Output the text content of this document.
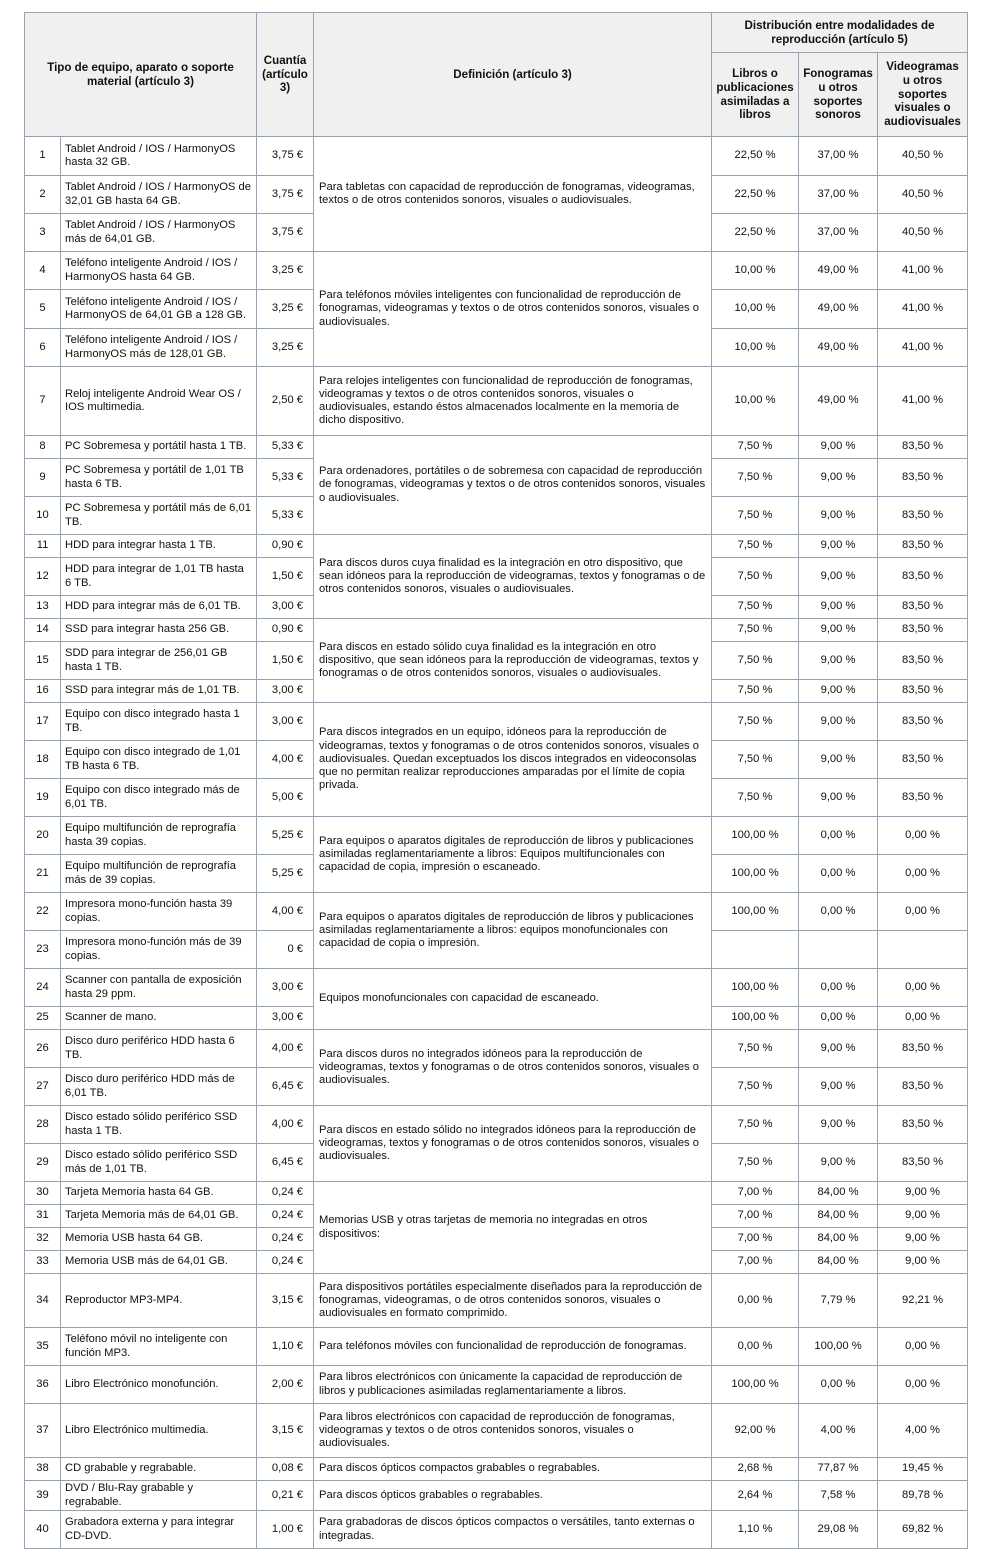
Tipo de equipo, aparato o soporte material (artículo 3)		Cuantía (artículo 3)	Definición (artículo 3)	Distribución entre modalidades de reproducción (artículo 5)		
				Libros o publicaciones asimiladas a libros	Fonogramas u otros soportes sonoros	Videogramas u otros soportes visuales o audiovisuales
1	Tablet Android / IOS / HarmonyOS hasta 32 GB.	3,75 €	Para tabletas con capacidad de reproducción de fonogramas, videogramas, textos o de otros contenidos sonoros, visuales o audiovisuales.	22,50 %	37,00 %	40,50 %
2	Tablet Android / IOS / HarmonyOS de 32,01 GB hasta 64 GB.	3,75 €		22,50 %	37,00 %	40,50 %
3	Tablet Android / IOS / HarmonyOS más de 64,01 GB.	3,75 €		22,50 %	37,00 %	40,50 %
4	Teléfono inteligente Android / IOS / HarmonyOS hasta 64 GB.	3,25 €	Para teléfonos móviles inteligentes con funcionalidad de reproducción de fonogramas, videogramas y textos o de otros contenidos sonoros, visuales o audiovisuales.	10,00 %	49,00 %	41,00 %
5	Teléfono inteligente Android / IOS / HarmonyOS de 64,01 GB a 128 GB.	3,25 €		10,00 %	49,00 %	41,00 %
6	Teléfono inteligente Android / IOS / HarmonyOS más de 128,01 GB.	3,25 €		10,00 %	49,00 %	41,00 %
7	Reloj inteligente Android Wear OS / IOS multimedia.	2,50 €	Para relojes inteligentes con funcionalidad de reproducción de fonogramas, videogramas y textos o de otros contenidos sonoros, visuales o audiovisuales, estando éstos almacenados localmente en la memoria de dicho dispositivo.	10,00 %	49,00 %	41,00 %
8	PC Sobremesa y portátil hasta 1 TB.	5,33 €	Para ordenadores, portátiles o de sobremesa con capacidad de reproducción de fonogramas, videogramas y textos o de otros contenidos sonoros, visuales o audiovisuales.	7,50 %	9,00 %	83,50 %
9	PC Sobremesa y portátil de 1,01 TB hasta 6 TB.	5,33 €		7,50 %	9,00 %	83,50 %
10	PC Sobremesa y portátil más de 6,01 TB.	5,33 €		7,50 %	9,00 %	83,50 %
11	HDD para integrar hasta 1 TB.	0,90 €	Para discos duros cuya finalidad es la integración en otro dispositivo, que sean idóneos para la reproducción de videogramas, textos y fonogramas o de otros contenidos sonoros, visuales o audiovisuales.	7,50 %	9,00 %	83,50 %
12	HDD para integrar de 1,01 TB hasta 6 TB.	1,50 €		7,50 %	9,00 %	83,50 %
13	HDD para integrar más de 6,01 TB.	3,00 €		7,50 %	9,00 %	83,50 %
14	SSD para integrar hasta 256 GB.	0,90 €	Para discos en estado sólido cuya finalidad es la integración en otro dispositivo, que sean idóneos para la reproducción de videogramas, textos y fonogramas o de otros contenidos sonoros, visuales o audiovisuales.	7,50 %	9,00 %	83,50 %
15	SDD para integrar de 256,01 GB hasta 1 TB.	1,50 €		7,50 %	9,00 %	83,50 %
16	SSD para integrar más de 1,01 TB.	3,00 €		7,50 %	9,00 %	83,50 %
17	Equipo con disco integrado hasta 1 TB.	3,00 €	Para discos integrados en un equipo, idóneos para la reproducción de videogramas, textos y fonogramas o de otros contenidos sonoros, visuales o audiovisuales. Quedan exceptuados los discos integrados en videoconsolas que no permitan realizar reproducciones amparadas por el límite de copia privada.	7,50 %	9,00 %	83,50 %
18	Equipo con disco integrado de 1,01 TB hasta 6 TB.	4,00 €		7,50 %	9,00 %	83,50 %
19	Equipo con disco integrado más de 6,01 TB.	5,00 €		7,50 %	9,00 %	83,50 %
20	Equipo multifunción de reprografía hasta 39 copias.	5,25 €	Para equipos o aparatos digitales de reproducción de libros y publicaciones asimiladas reglamentariamente a libros: Equipos multifuncionales con capacidad de copia, impresión o escaneado.	100,00 %	0,00 %	0,00 %
21	Equipo multifunción de reprografía más de 39 copias.	5,25 €		100,00 %	0,00 %	0,00 %
22	Impresora mono-función hasta 39 copias.	4,00 €	Para equipos o aparatos digitales de reproducción de libros y publicaciones asimiladas reglamentariamente a libros: equipos monofuncionales con capacidad de copia o impresión.	100,00 %	0,00 %	0,00 %
23	Impresora mono-función más de 39 copias.	0 €				
24	Scanner con pantalla de exposición hasta 29 ppm.	3,00 €	Equipos monofuncionales con capacidad de escaneado.	100,00 %	0,00 %	0,00 %
25	Scanner de mano.	3,00 €		100,00 %	0,00 %	0,00 %
26	Disco duro periférico HDD hasta 6 TB.	4,00 €	Para discos duros no integrados idóneos para la reproducción de videogramas, textos y fonogramas o de otros contenidos sonoros, visuales o audiovisuales.	7,50 %	9,00 %	83,50 %
27	Disco duro periférico HDD más de 6,01 TB.	6,45 €		7,50 %	9,00 %	83,50 %
28	Disco estado sólido periférico SSD hasta 1 TB.	4,00 €	Para discos en estado sólido no integrados idóneos para la reproducción de videogramas, textos y fonogramas o de otros contenidos sonoros, visuales o audiovisuales.	7,50 %	9,00 %	83,50 %
29	Disco estado sólido periférico SSD más de 1,01 TB.	6,45 €		7,50 %	9,00 %	83,50 %
30	Tarjeta Memoria hasta 64 GB.	0,24 €	Memorias USB y otras tarjetas de memoria no integradas en otros dispositivos:	7,00 %	84,00 %	9,00 %
31	Tarjeta Memoria más de 64,01 GB.	0,24 €		7,00 %	84,00 %	9,00 %
32	Memoria USB hasta 64 GB.	0,24 €		7,00 %	84,00 %	9,00 %
33	Memoria USB más de 64,01 GB.	0,24 €		7,00 %	84,00 %	9,00 %
34	Reproductor MP3-MP4.	3,15 €	Para dispositivos portátiles especialmente diseñados para la reproducción de fonogramas, videogramas, o de otros contenidos sonoros, visuales o audiovisuales en formato comprimido.	0,00 %	7,79 %	92,21 %
35	Teléfono móvil no inteligente con función MP3.	1,10 €	Para teléfonos móviles con funcionalidad de reproducción de fonogramas.	0,00 %	100,00 %	0,00 %
36	Libro Electrónico monofunción.	2,00 €	Para libros electrónicos con únicamente la capacidad de reproducción de libros y publicaciones asimiladas reglamentariamente a libros.	100,00 %	0,00 %	0,00 %
37	Libro Electrónico multimedia.	3,15 €	Para libros electrónicos con capacidad de reproducción de fonogramas, videogramas y textos o de otros contenidos sonoros, visuales o audiovisuales.	92,00 %	4,00 %	4,00 %
38	CD grabable y regrabable.	0,08 €	Para discos ópticos compactos grabables o regrabables.	2,68 %	77,87 %	19,45 %
39	DVD / Blu-Ray grabable y regrabable.	0,21 €	Para discos ópticos grabables o regrabables.	2,64 %	7,58 %	89,78 %
40	Grabadora externa y para integrar CD-DVD.	1,00 €	Para grabadoras de discos ópticos compactos o versátiles, tanto externas o integradas.	1,10 %	29,08 %	69,82 %
